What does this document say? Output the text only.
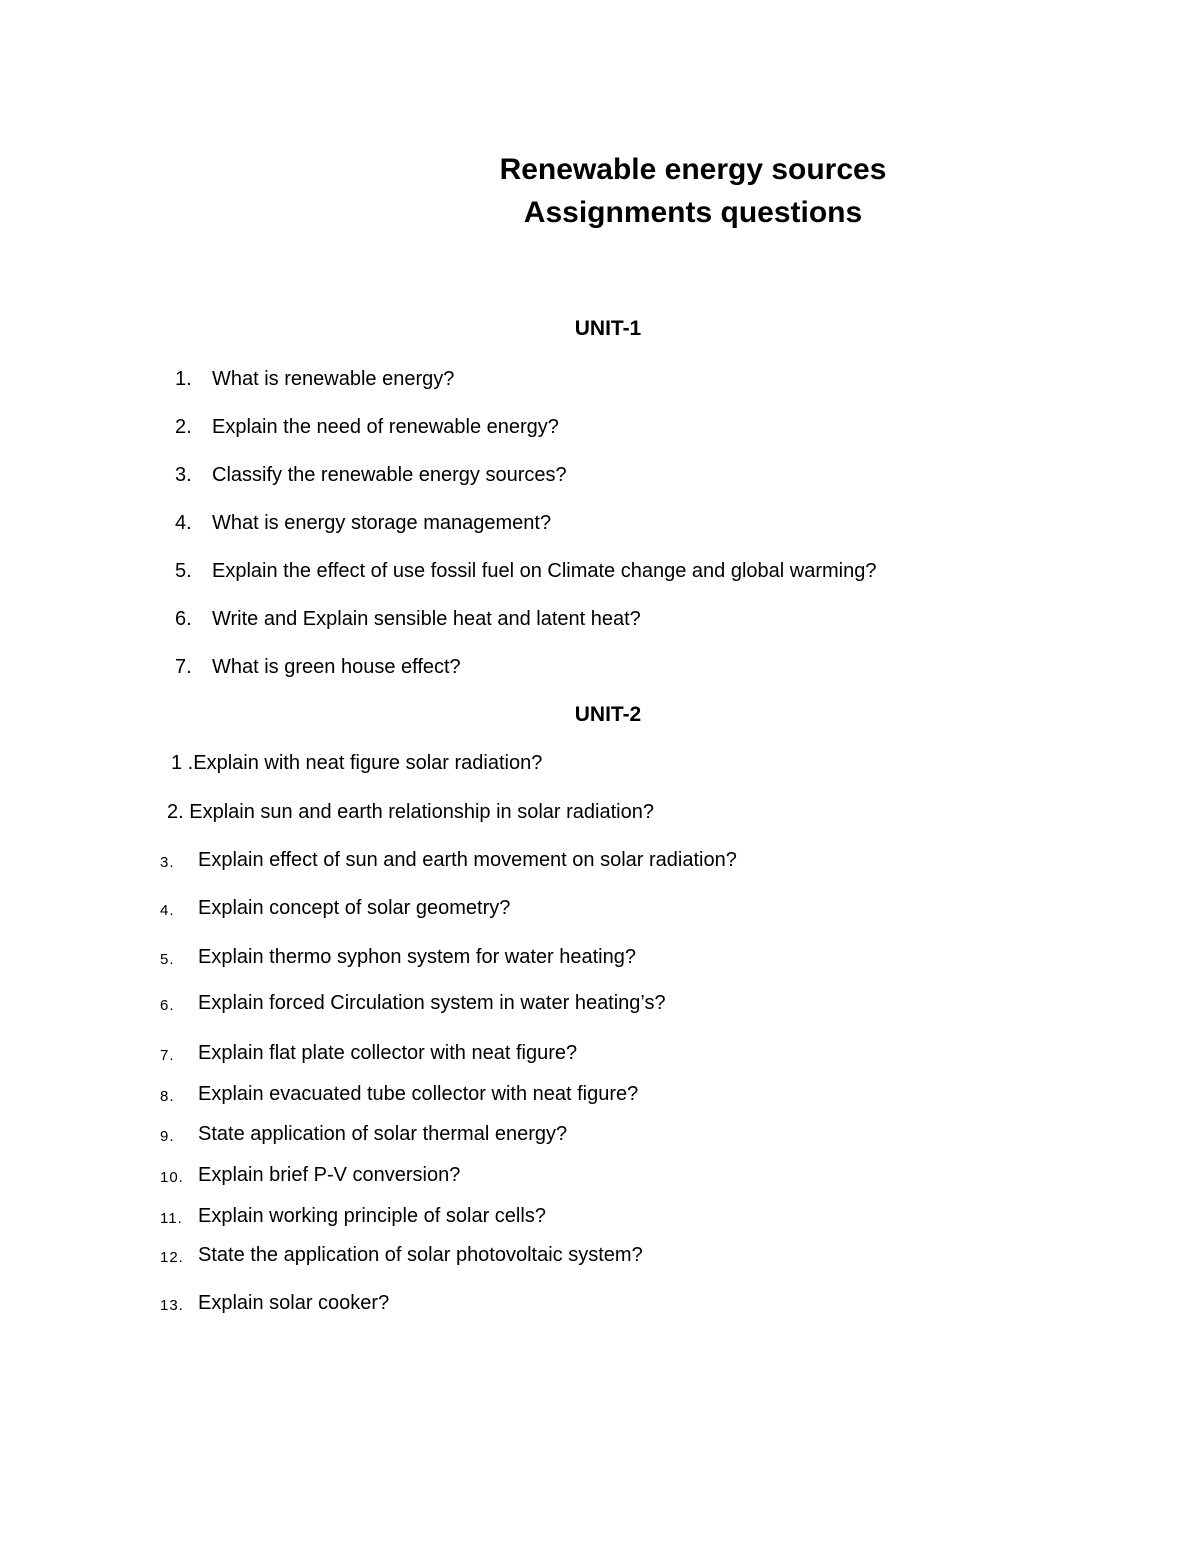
Renewable energy sources
Assignments questions
UNIT-1
1. What is renewable energy?
2. Explain the need of renewable energy?
3. Classify the renewable energy sources?
4. What is energy storage management?
5. Explain the effect of use fossil fuel on Climate change and global warming?
6. Write and Explain sensible heat and latent heat?
7. What is green house effect?
UNIT-2
1 .Explain with neat figure solar radiation?
2. Explain sun and earth relationship in solar radiation?
3. Explain effect of sun and earth movement on solar radiation?
4. Explain concept of solar geometry?
5. Explain thermo syphon system for water heating?
6. Explain forced Circulation system in water heating’s?
7. Explain flat plate collector with neat figure?
8. Explain evacuated tube collector with neat figure?
9. State application of solar thermal energy?
10. Explain brief P-V conversion?
11. Explain working principle of solar cells?
12. State the application of solar photovoltaic system?
13. Explain solar cooker?
